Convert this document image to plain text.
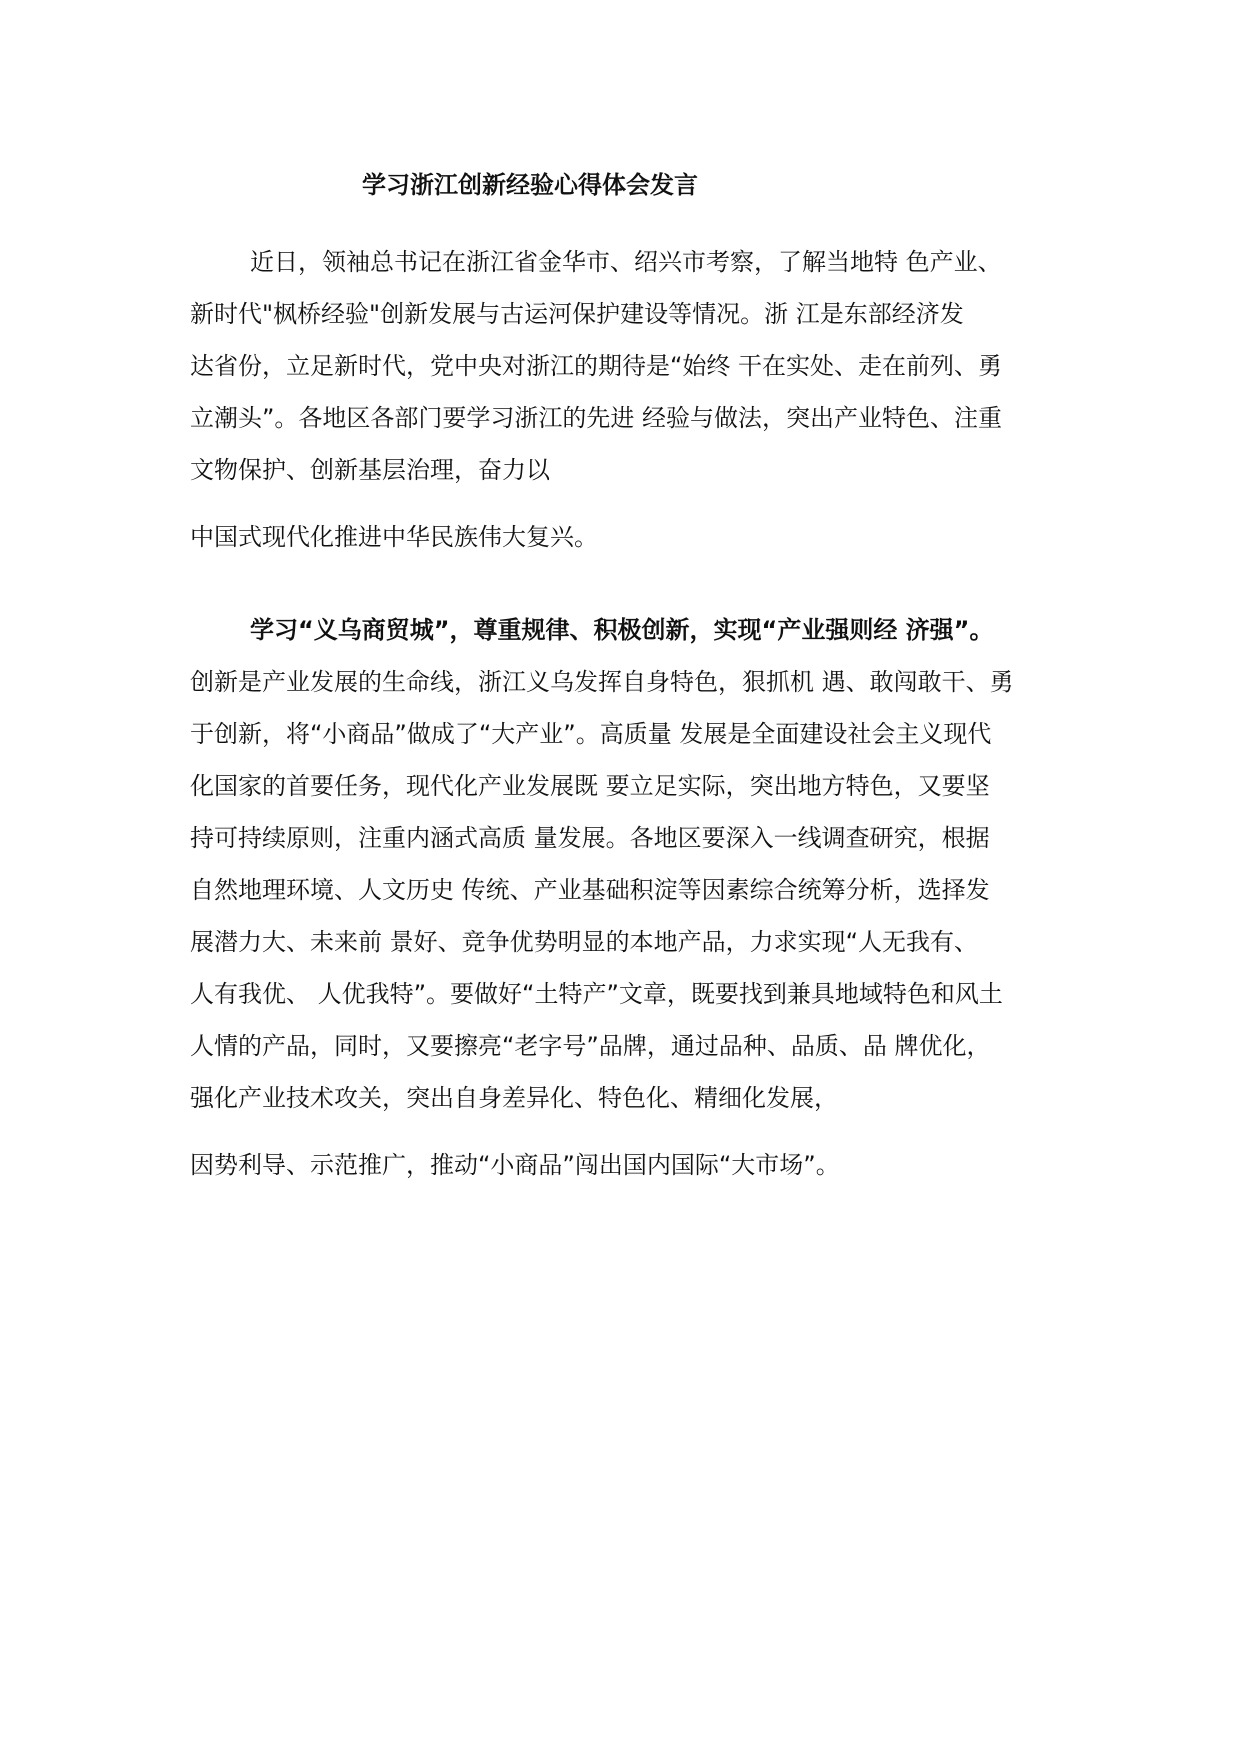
学习浙江创新经验心得体会发言
近日，领袖总书记在浙江省金华市、绍兴市考察，了解当地特 色产业、
新时代"枫桥经验"创新发展与古运河保护建设等情况。浙 江是东部经济发
达省份，立足新时代，党中央对浙江的期待是“始终 干在实处、走在前列、勇
立潮头”。各地区各部门要学习浙江的先进 经验与做法，突出产业特色、注重
文物保护、创新基层治理，奋力以
中国式现代化推进中华民族伟大复兴。
学习“义乌商贸城”，尊重规律、积极创新，实现“产业强则经 济强”。
创新是产业发展的生命线，浙江义乌发挥自身特色，狠抓机 遇、敢闯敢干、勇
于创新，将“小商品”做成了“大产业”。高质量 发展是全面建设社会主义现代
化国家的首要任务，现代化产业发展既 要立足实际，突出地方特色，又要坚
持可持续原则，注重内涵式高质 量发展。各地区要深入一线调查研究，根据
自然地理环境、人文历史 传统、产业基础积淀等因素综合统筹分析，选择发
展潜力大、未来前 景好、竞争优势明显的本地产品，力求实现“人无我有、
人有我优、 人优我特”。要做好“土特产”文章，既要找到兼具地域特色和风土
人情的产品，同时，又要擦亮“老字号”品牌，通过品种、品质、品 牌优化，
强化产业技术攻关，突出自身差异化、特色化、精细化发展，
因势利导、示范推广，推动“小商品”闯出国内国际“大市场”。
